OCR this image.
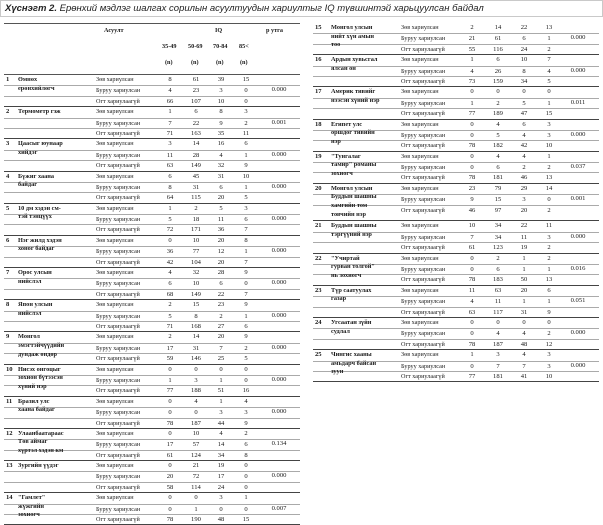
Хүснэгт 2. Ерөнхий мэдлэг шалгах сорилын асуултуудын хариултыг IQ түвшинтэй харьцуулсан байдал
Асуулт	IQ	р утга
35-49 50-69 70-84 85<
(n)	(n)	(n)	(n)
1 Өмнөх
ерөнхийлөгч	0.000
Зөв хариулсан	8	61	39	15
Буруу хариулсан	4	23	3	0
Огт хариулаагүй	66	107	10	0
2 Термометр гэж
0.001
Зөв хариулсан	1	6	8	3
Буруу хариулсан	7	22	9	2
Огт хариулаагүй	71	163	35	11
3 Цаасыг юунаар
хийдэг	0.000
Зөв хариулсан	3	14	16	6
Буруу хариулсан	11	28	4	1
Огт хариулаагүй	63	149	32	9
4 Бүжиг хаана
байдаг	0.000
Зөв хариулсан	6	45	31	10
Буруу хариулсан	8	31	6	1
Огт хариулаагүй	64	115	20	5
5 10 дм хэдэн см-
тэй тэнцүүх	0.000
Зөв хариулсан	1	2	5	3
Буруу хариулсан	5	18	11	6
Огт хариулаагүй	72	171	36	7
6 Нэг жилд хэдэн
хоног байдаг	0.000
Зөв хариулсан	0	10	20	8
Буруу хариулсан	36	77	12	1
Огт хариулаагүй	42	104	20	7
7 Орос улсын
нийслэл	0.000
Зөв хариулсан	4	32	28	9
Буруу хариулсан	6	10	6	0
Огт хариулаагүй	68	149	22	7
8 Япон улсын
нийслэл	0.000
Зөв хариулсан	2	15	23	9
Буруу хариулсан	5	8	2	1
Огт хариулаагүй	71	168	27	6
9 Монгол
эмэгтэйчүүдийн
дундаж өндөр
0.000
Зөв хариулсан	2	14	20	9
Буруу хариулсан	17	31	7	2
Огт хариулаагүй	59	146	25	5
10 Нисэх онгоцыг
зохион бүтээсэн
хүний нэр
0.000
Зөв хариулсан	0	0	0	0
Буруу хариулсан	1	3	1	0
Огт хариулаагүй	77	188	51	16
11 Бразил улс
хаана байдаг	0.000
Зөв хариулсан	0	4	1	4
Буруу хариулсан	0	0	3	3
Огт хариулаагүй	78	187	44	9
12 Улаанбаатараас
Төв аймаг
хүртэл хэдэн км
0.134
Зөв хариулсан	0	10	4	2
Буруу хариулсан	17	57	14	6
Огт хариулаагүй	61	124	34	8
13 Зургийн үүдэг
0.000
Зөв хариулсан	0	21	19	0
Буруу хариулсан	20	72	17	0
Огт хариулаагүй	58	114	24	0
14 "Гамлет"
жүжгийн
зохиогч
0.007
Зөв хариулсан	0	0	3	1
Буруу хариулсан	0	1	0	0
Огт хариулаагүй	78	190	48	15
15 Монгол улсын
нийт хүн амын
тоо
0.000
Зөв хариулсан	2	14	22	13
Буруу хариулсан	21	61	6	1
Огт хариулаагүй	55	116	24	2
16 Ардын хувьсгал
ялсан он	0.000
Зөв хариулсан	1	6	10	7
Буруу хариулсан	4	26	8	4
Огт хариулаагүй	73	159	34	5
17 Америк тивийг
нээсэн хүний нэр	0.011
Зөв хариулсан	0	0	0	0
Буруу хариулсан	1	2	5	1
Огт хариулаагүй	77	189	47	15
18 Египет улс
оршдог тивийн
нэр
0.000
Зөв хариулсан	0	4	6	3
Буруу хариулсан	0	5	4	3
Огт хариулаагүй	78	182	42	10
19 "Тунгалаг
тамир" романы
зохиогч
0.037
Зөв хариулсан	0	4	4	1
Буруу хариулсан	0	6	2	2
Огт хариулаагүй	78	181	46	13
20 Монгол улсын
Буддын шашны
хамгийн том
товчийн нэр
0.001
Зөв хариулсан	23	79	29	14
Буруу хариулсан	9	15	3	0
Огт хариулаагүй	46	97	20	2
21 Буддын шашны
тэргүүний нэр	0.000
Зөв хариулсан	10	34	22	11
Буруу хариулсан	7	34	11	3
Огт хариулаагүй	61	123	19	2
22 "Учиртай
гурван толгой"
нь зохиогч
0.016
Зөв хариулсан	0	2	1	2
Буруу хариулсан	0	6	1	1
Огт хариулаагүй	78	183	50	13
23 Түр саатуулах
газар	0.051
Зөв хариулсан	11	63	20	6
Буруу хариулсан	4	11	1	1
Огт хариулаагүй	63	117	31	9
24 Угсаатан зүйн
судлал	0.000
Зөв хариулсан	0	0	0	0
Буруу хариулсан	0	4	4	2
Огт хариулаагүй	78	187	48	12
25 Чингис хааны
амьдарч байсан
зуун
0.000
Зөв хариулсан	1	3	4	3
Буруу хариулсан	0	7	7	3
Огт хариулаагүй	77	181	41	10
